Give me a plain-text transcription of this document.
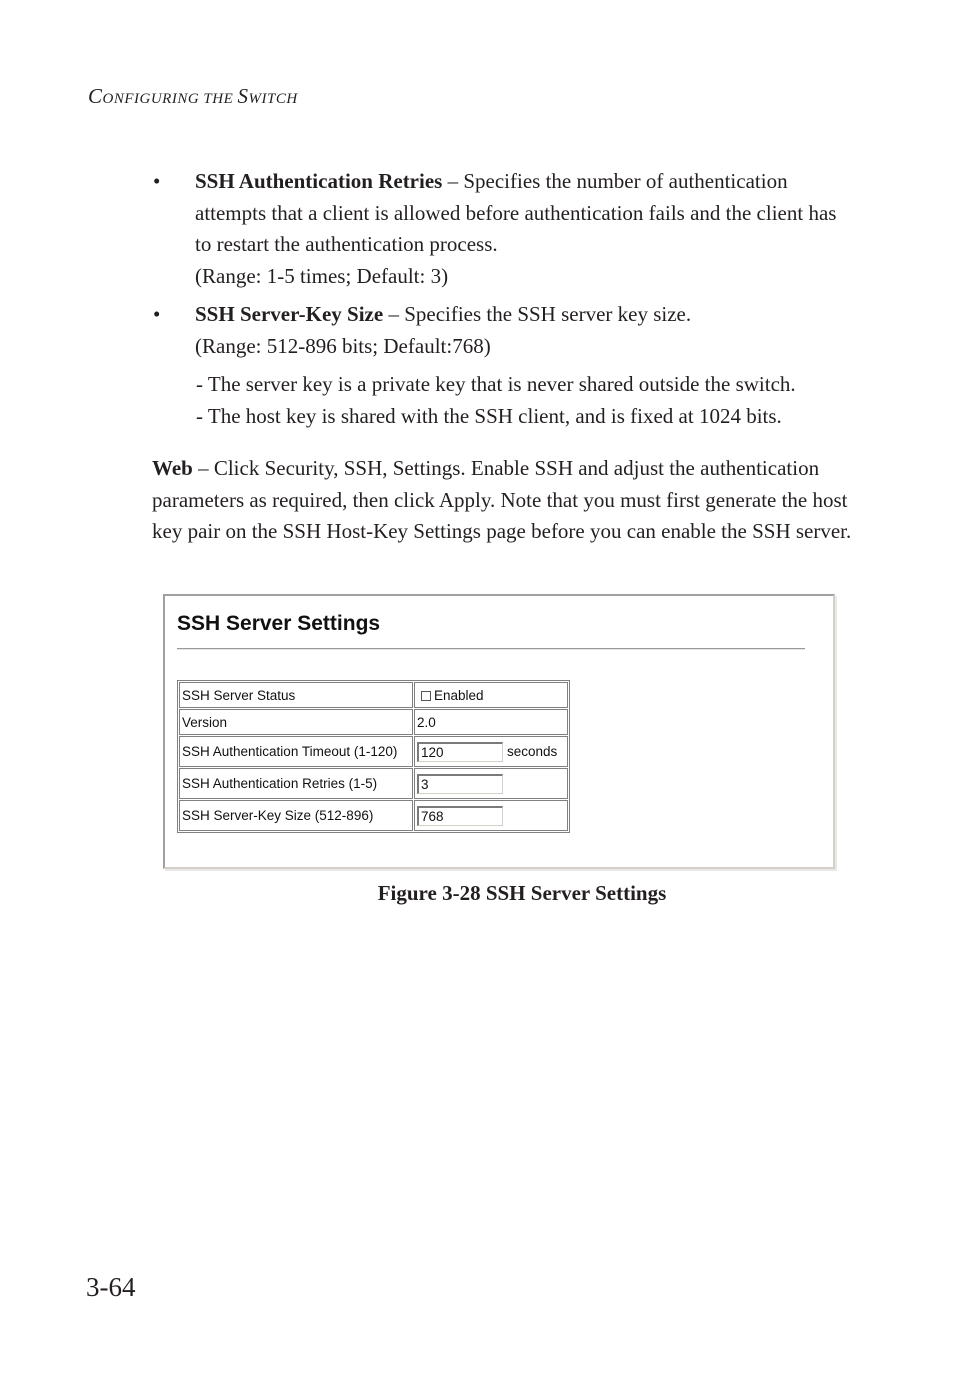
CONFIGURING THE SWITCH
• SSH Authentication Retries – Specifies the number of authentication attempts that a client is allowed before authentication fails and the client has to restart the authentication process.
(Range: 1-5 times; Default: 3)
• SSH Server-Key Size – Specifies the SSH server key size.
(Range: 512-896 bits; Default:768)
- The server key is a private key that is never shared outside the switch.
- The host key is shared with the SSH client, and is fixed at 1024 bits.
Web – Click Security, SSH, Settings. Enable SSH and adjust the authentication parameters as required, then click Apply. Note that you must first generate the host key pair on the SSH Host-Key Settings page before you can enable the SSH server.
SSH Server Settings
SSH Server Status	Enabled
Version	2.0
SSH Authentication Timeout (1-120)	120 seconds
SSH Authentication Retries (1-5)	3
SSH Server-Key Size (512-896)	768
Figure 3-28 SSH Server Settings
3-64
